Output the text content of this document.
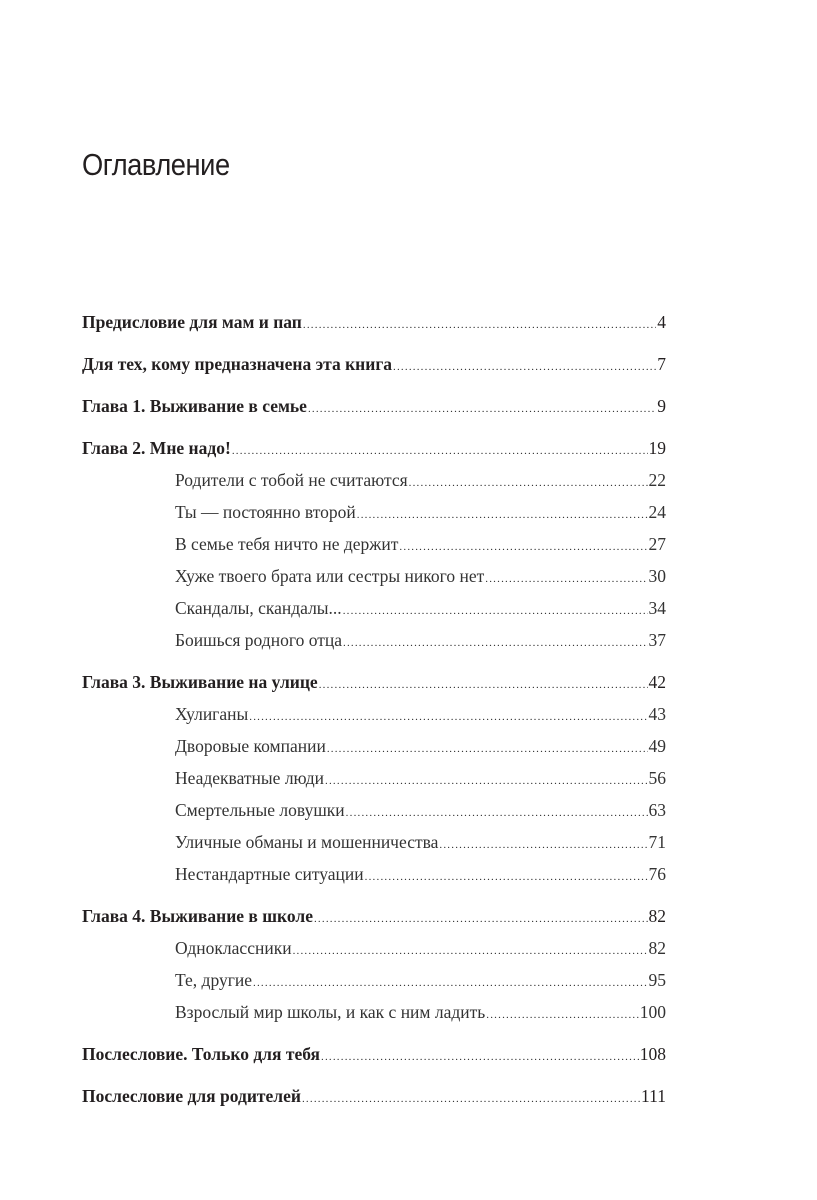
Оглавление
Предисловие для мам и пап .....	4
Для тех, кому предназначена эта книга .....	7
Глава 1. Выживание в семье .....	9
Глава 2. Мне надо! .....	19
Родители с тобой не считаются .....	22
Ты — постоянно второй .....	24
В семье тебя ничто не держит .....	27
Хуже твоего брата или сестры никого нет .....	30
Скандалы, скандалы... .....	34
Боишься родного отца .....	37
Глава 3. Выживание на улице .....	42
Хулиганы .....	43
Дворовые компании .....	49
Неадекватные люди .....	56
Смертельные ловушки .....	63
Уличные обманы и мошенничества .....	71
Нестандартные ситуации .....	76
Глава 4. Выживание в школе .....	82
Одноклассники .....	82
Те, другие .....	95
Взрослый мир школы, и как с ним ладить .....	100
Послесловие. Только для тебя .....	108
Послесловие для родителей .....	111
